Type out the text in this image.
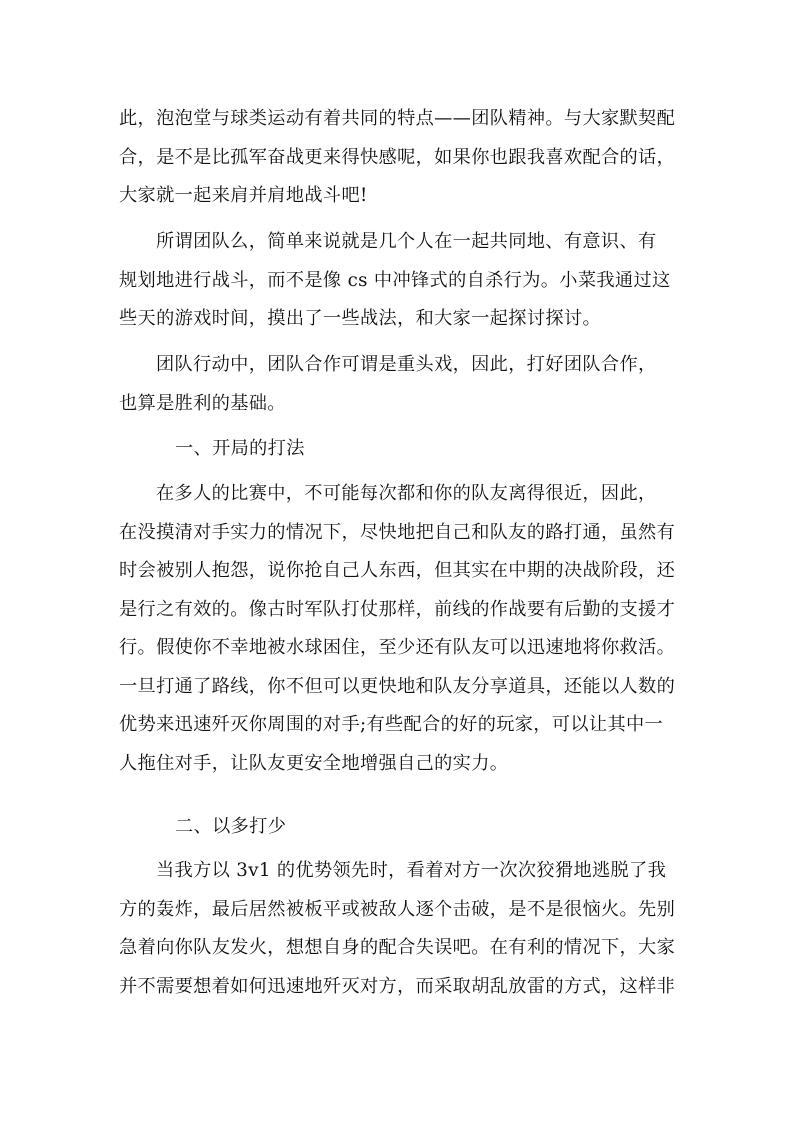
此，泡泡堂与球类运动有着共同的特点——团队精神。与大家默契配
合，是不是比孤军奋战更来得快感呢，如果你也跟我喜欢配合的话，
大家就一起来肩并肩地战斗吧!

所谓团队么，简单来说就是几个人在一起共同地、有意识、有
规划地进行战斗，而不是像 cs 中冲锋式的自杀行为。小菜我通过这
些天的游戏时间，摸出了一些战法，和大家一起探讨探讨。

团队行动中，团队合作可谓是重头戏，因此，打好团队合作，
也算是胜利的基础。

一、开局的打法

在多人的比赛中，不可能每次都和你的队友离得很近，因此，
在没摸清对手实力的情况下，尽快地把自己和队友的路打通，虽然有
时会被别人抱怨，说你抢自己人东西，但其实在中期的决战阶段，还
是行之有效的。像古时军队打仗那样，前线的作战要有后勤的支援才
行。假使你不幸地被水球困住，至少还有队友可以迅速地将你救活。
一旦打通了路线，你不但可以更快地和队友分享道具，还能以人数的
优势来迅速歼灭你周围的对手;有些配合的好的玩家，可以让其中一
人拖住对手，让队友更安全地增强自己的实力。

二、以多打少

当我方以 3v1 的优势领先时，看着对方一次次狡猾地逃脱了我
方的轰炸，最后居然被板平或被敌人逐个击破，是不是很恼火。先别
急着向你队友发火，想想自身的配合失误吧。在有利的情况下，大家
并不需要想着如何迅速地歼灭对方，而采取胡乱放雷的方式，这样非
